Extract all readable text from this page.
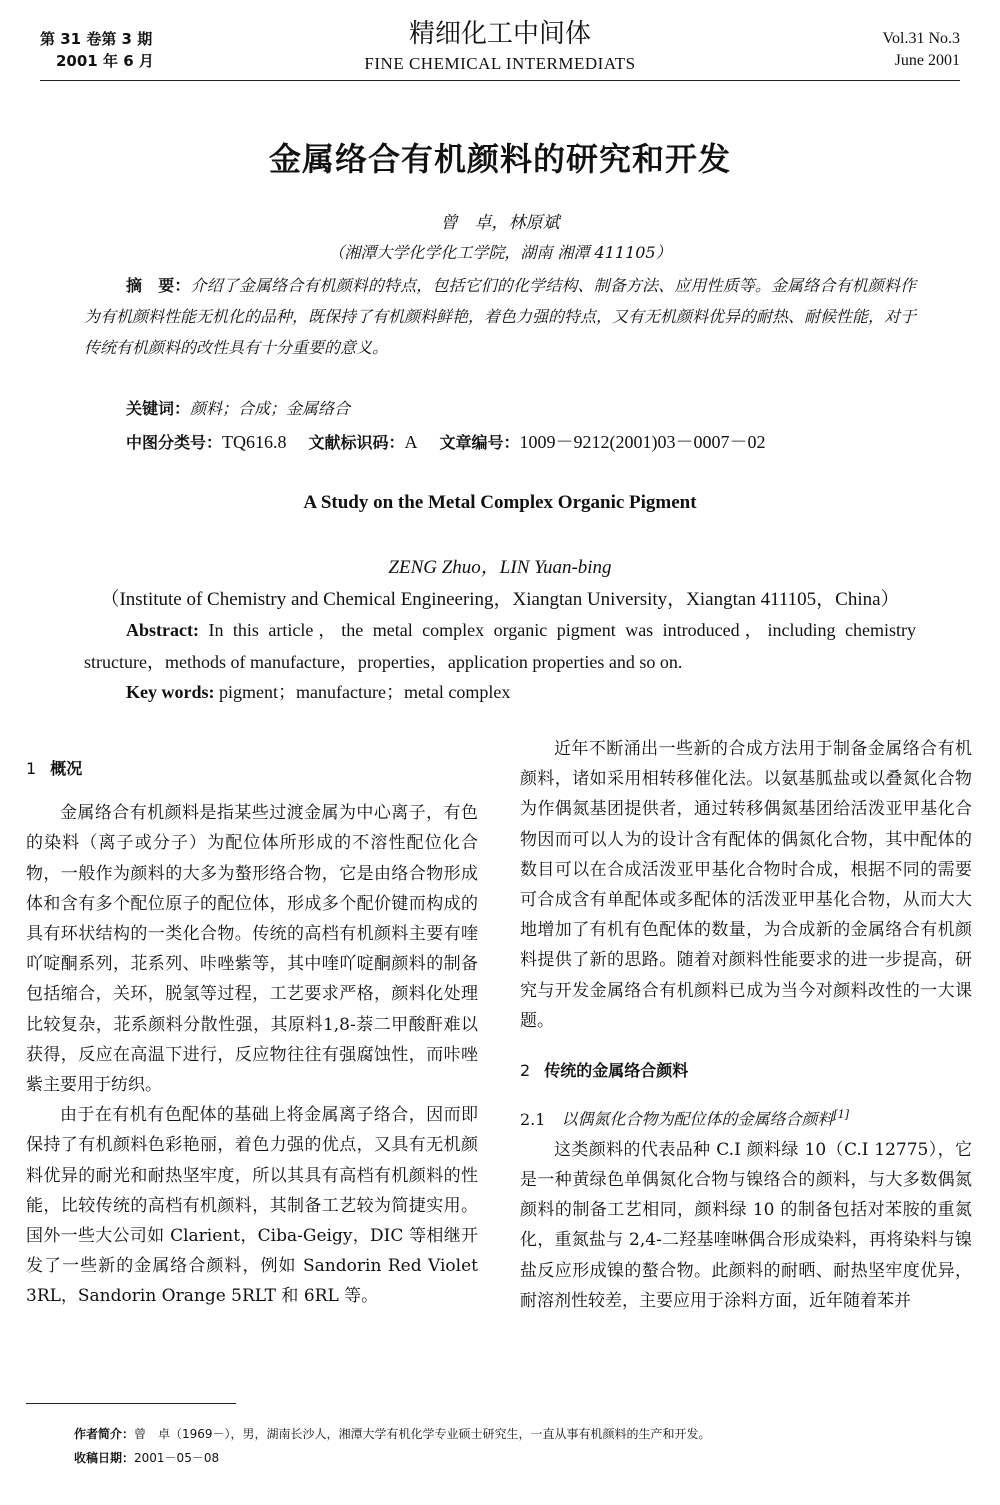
第 31 卷第 3 期
2001 年 6 月
精细化工中间体
FINE CHEMICAL INTERMEDIATS
Vol.31 No.3
June 2001
金属络合有机颜料的研究和开发
曾　卓，林原斌
（湘潭大学化学化工学院，湖南 湘潭 411105）
摘　要：介绍了金属络合有机颜料的特点，包括它们的化学结构、制备方法、应用性质等。金属络合有机颜料作为有机颜料性能无机化的品种，既保持了有机颜料鲜艳，着色力强的特点，又有无机颜料优异的耐热、耐候性能，对于传统有机颜料的改性具有十分重要的意义。
关键词：颜料；合成；金属络合
中图分类号：TQ616.8 文献标识码：A 文章编号：1009－9212(2001)03－0007－02
A Study on the Metal Complex Organic Pigment
ZENG Zhuo，LIN Yuan-bing
（Institute of Chemistry and Chemical Engineering，Xiangtan University，Xiangtan 411105，China）
Abstract: In this article，the metal complex organic pigment was introduced，including chemistry structure，methods of manufacture，properties，application properties and so on.
Key words: pigment；manufacture；metal complex
1 概况

金属络合有机颜料是指某些过渡金属为中心离子，有色的染料（离子或分子）为配位体所形成的不溶性配位化合物，一般作为颜料的大多为螯形络合物，它是由络合物形成体和含有多个配位原子的配位体，形成多个配价键而构成的具有环状结构的一类化合物。传统的高档有机颜料主要有喹吖啶酮系列，苝系列、咔唑紫等，其中喹吖啶酮颜料的制备包括缩合，关环，脱氢等过程，工艺要求严格，颜料化处理比较复杂，苝系颜料分散性强，其原料1,8-萘二甲酸酐难以获得，反应在高温下进行，反应物往往有强腐蚀性，而咔唑紫主要用于纺织。

由于在有机有色配体的基础上将金属离子络合，因而即保持了有机颜料色彩艳丽，着色力强的优点，又具有无机颜料优异的耐光和耐热坚牢度，所以其具有高档有机颜料的性能，比较传统的高档有机颜料，其制备工艺较为简捷实用。国外一些大公司如 Clarient，Ciba-Geigy，DIC 等相继开发了一些新的金属络合颜料，例如 Sandorin Red Violet 3RL，Sandorin Orange 5RLT 和 6RL 等。

近年不断涌出一些新的合成方法用于制备金属络合有机颜料，诸如采用相转移催化法。以氨基胍盐或以叠氮化合物为作偶氮基团提供者，通过转移偶氮基团给活泼亚甲基化合物因而可以人为的设计含有配体的偶氮化合物，其中配体的数目可以在合成活泼亚甲基化合物时合成，根据不同的需要可合成含有单配体或多配体的活泼亚甲基化合物，从而大大地增加了有机有色配体的数量，为合成新的金属络合有机颜料提供了新的思路。随着对颜料性能要求的进一步提高，研究与开发金属络合有机颜料已成为当今对颜料改性的一大课题。

2 传统的金属络合颜料
2.1 以偶氮化合物为配位体的金属络合颜料[1]

这类颜料的代表品种 C.I 颜料绿 10（C.I 12775），它是一种黄绿色单偶氮化合物与镍络合的颜料，与大多数偶氮颜料的制备工艺相同，颜料绿 10 的制备包括对苯胺的重氮化，重氮盐与 2,4-二羟基喹啉偶合形成染料，再将染料与镍盐反应形成镍的螯合物。此颜料的耐晒、耐热坚牢度优异，耐溶剂性较差，主要应用于涂料方面，近年随着苯并

作者简介：曾　卓（1969－），男，湖南长沙人，湘潭大学有机化学专业硕士研究生，一直从事有机颜料的生产和开发。
收稿日期：2001－05－08
